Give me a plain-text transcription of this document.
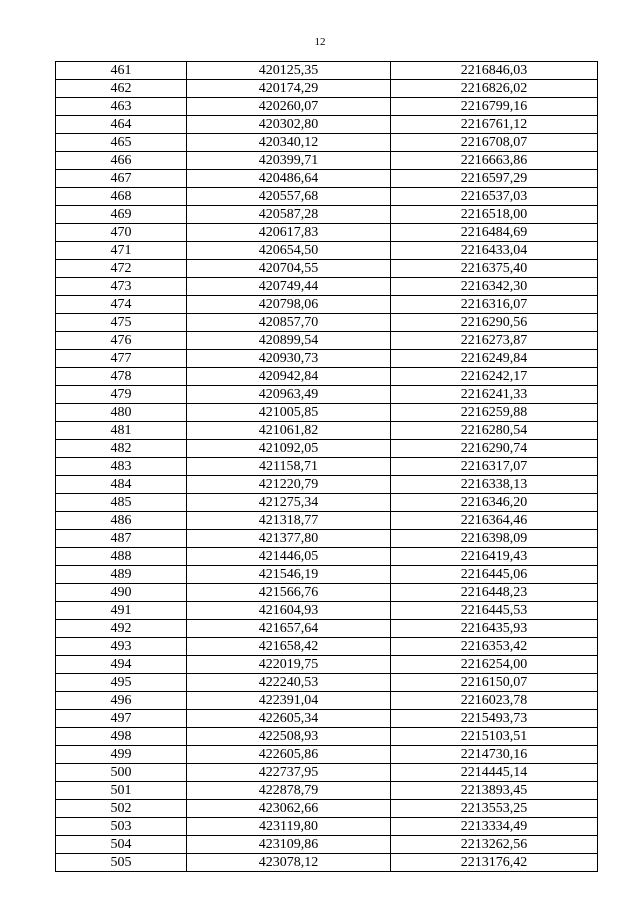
12
461	420125,35	2216846,03
462	420174,29	2216826,02
463	420260,07	2216799,16
464	420302,80	2216761,12
465	420340,12	2216708,07
466	420399,71	2216663,86
467	420486,64	2216597,29
468	420557,68	2216537,03
469	420587,28	2216518,00
470	420617,83	2216484,69
471	420654,50	2216433,04
472	420704,55	2216375,40
473	420749,44	2216342,30
474	420798,06	2216316,07
475	420857,70	2216290,56
476	420899,54	2216273,87
477	420930,73	2216249,84
478	420942,84	2216242,17
479	420963,49	2216241,33
480	421005,85	2216259,88
481	421061,82	2216280,54
482	421092,05	2216290,74
483	421158,71	2216317,07
484	421220,79	2216338,13
485	421275,34	2216346,20
486	421318,77	2216364,46
487	421377,80	2216398,09
488	421446,05	2216419,43
489	421546,19	2216445,06
490	421566,76	2216448,23
491	421604,93	2216445,53
492	421657,64	2216435,93
493	421658,42	2216353,42
494	422019,75	2216254,00
495	422240,53	2216150,07
496	422391,04	2216023,78
497	422605,34	2215493,73
498	422508,93	2215103,51
499	422605,86	2214730,16
500	422737,95	2214445,14
501	422878,79	2213893,45
502	423062,66	2213553,25
503	423119,80	2213334,49
504	423109,86	2213262,56
505	423078,12	2213176,42
